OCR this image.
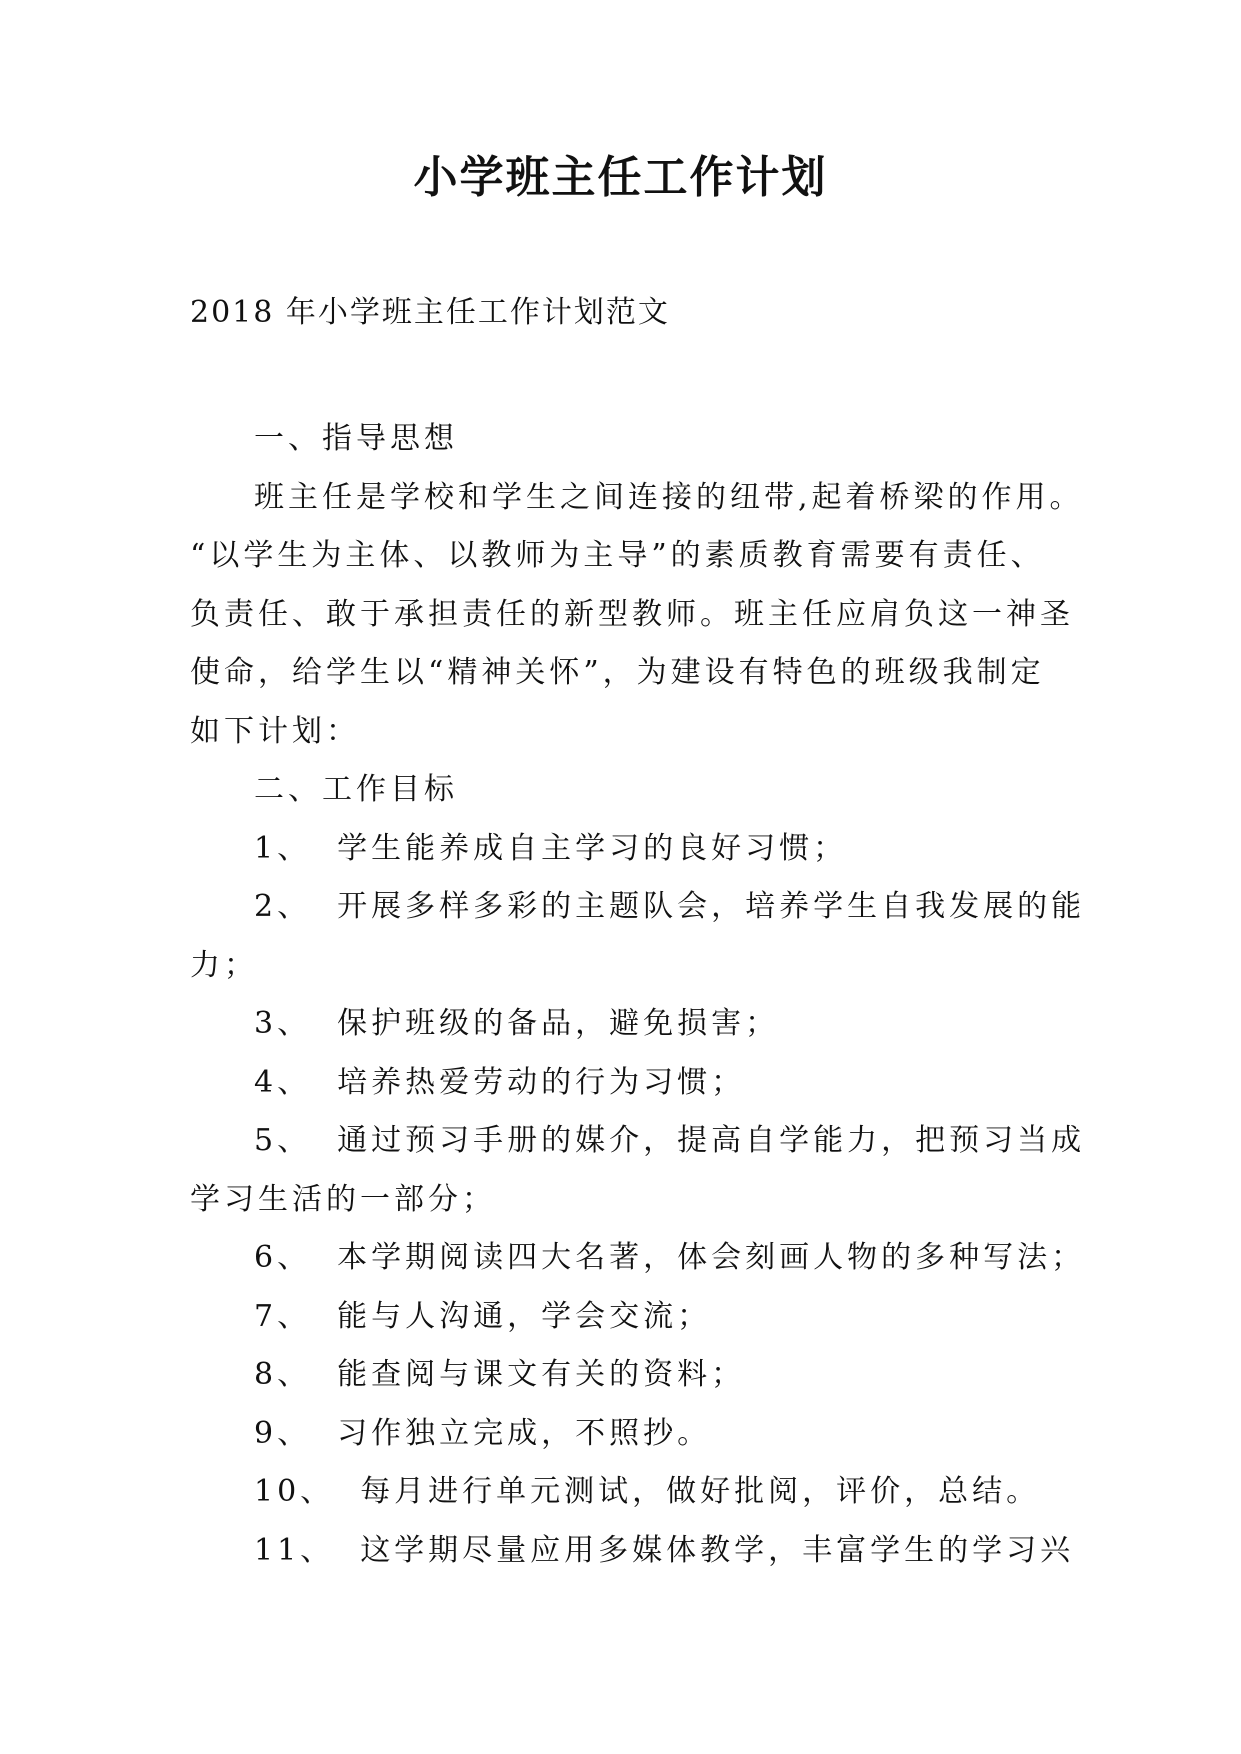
小学班主任工作计划
2018 年小学班主任工作计划范文
一、指导思想
班主任是学校和学生之间连接的纽带,起着桥梁的作用。
“以学生为主体、以教师为主导”的素质教育需要有责任、
负责任、敢于承担责任的新型教师。班主任应肩负这一神圣
使命，给学生以“精神关怀”，为建设有特色的班级我制定
如下计划：
二、工作目标
1、 学生能养成自主学习的良好习惯；
2、 开展多样多彩的主题队会，培养学生自我发展的能
力；
3、 保护班级的备品，避免损害；
4、 培养热爱劳动的行为习惯；
5、 通过预习手册的媒介，提高自学能力，把预习当成
学习生活的一部分；
6、 本学期阅读四大名著，体会刻画人物的多种写法；
7、 能与人沟通，学会交流；
8、 能查阅与课文有关的资料；
9、 习作独立完成，不照抄。
10、 每月进行单元测试，做好批阅，评价，总结。
11、 这学期尽量应用多媒体教学，丰富学生的学习兴
